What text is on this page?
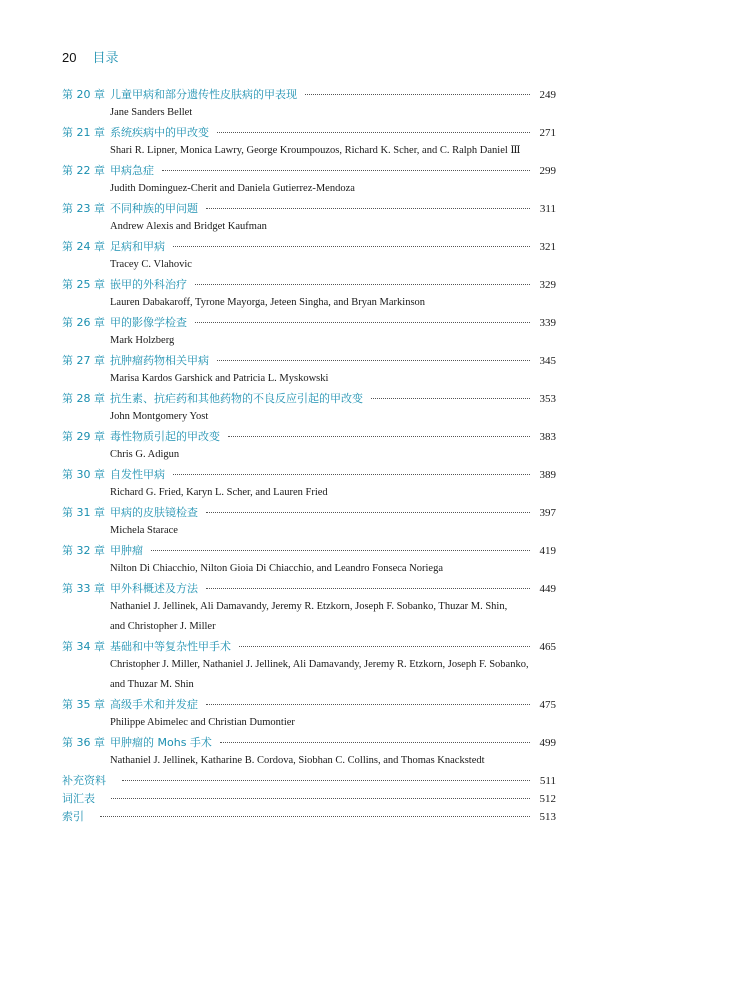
20 目录
第 20 章 儿童甲病和部分遗传性皮肤病的甲表现	249
Jane Sanders Bellet
第 21 章 系统疾病中的甲改变	271
Shari R. Lipner, Monica Lawry, George Kroumpouzos, Richard K. Scher, and C. Ralph Daniel Ⅲ
第 22 章 甲病急症	299
Judith Dominguez-Cherit and Daniela Gutierrez-Mendoza
第 23 章 不同种族的甲问题	311
Andrew Alexis and Bridget Kaufman
第 24 章 足病和甲病	321
Tracey C. Vlahovic
第 25 章 嵌甲的外科治疗	329
Lauren Dabakaroff, Tyrone Mayorga, Jeteen Singha, and Bryan Markinson
第 26 章 甲的影像学检查	339
Mark Holzberg
第 27 章 抗肿瘤药物相关甲病	345
Marisa Kardos Garshick and Patricia L. Myskowski
第 28 章 抗生素、抗疟药和其他药物的不良反应引起的甲改变	353
John Montgomery Yost
第 29 章 毒性物质引起的甲改变	383
Chris G. Adigun
第 30 章 自发性甲病	389
Richard G. Fried, Karyn L. Scher, and Lauren Fried
第 31 章 甲病的皮肤镜检查	397
Michela Starace
第 32 章 甲肿瘤	419
Nilton Di Chiacchio, Nilton Gioia Di Chiacchio, and Leandro Fonseca Noriega
第 33 章 甲外科概述及方法	449
Nathaniel J. Jellinek, Ali Damavandy, Jeremy R. Etzkorn, Joseph F. Sobanko, Thuzar M. Shin,
and Christopher J. Miller
第 34 章 基础和中等复杂性甲手术	465
Christopher J. Miller, Nathaniel J. Jellinek, Ali Damavandy, Jeremy R. Etzkorn, Joseph F. Sobanko,
and Thuzar M. Shin
第 35 章 高级手术和并发症	475
Philippe Abimelec and Christian Dumontier
第 36 章 甲肿瘤的 Mohs 手术	499
Nathaniel J. Jellinek, Katharine B. Cordova, Siobhan C. Collins, and Thomas Knackstedt
补充资料	511
词汇表	512
索引	513
